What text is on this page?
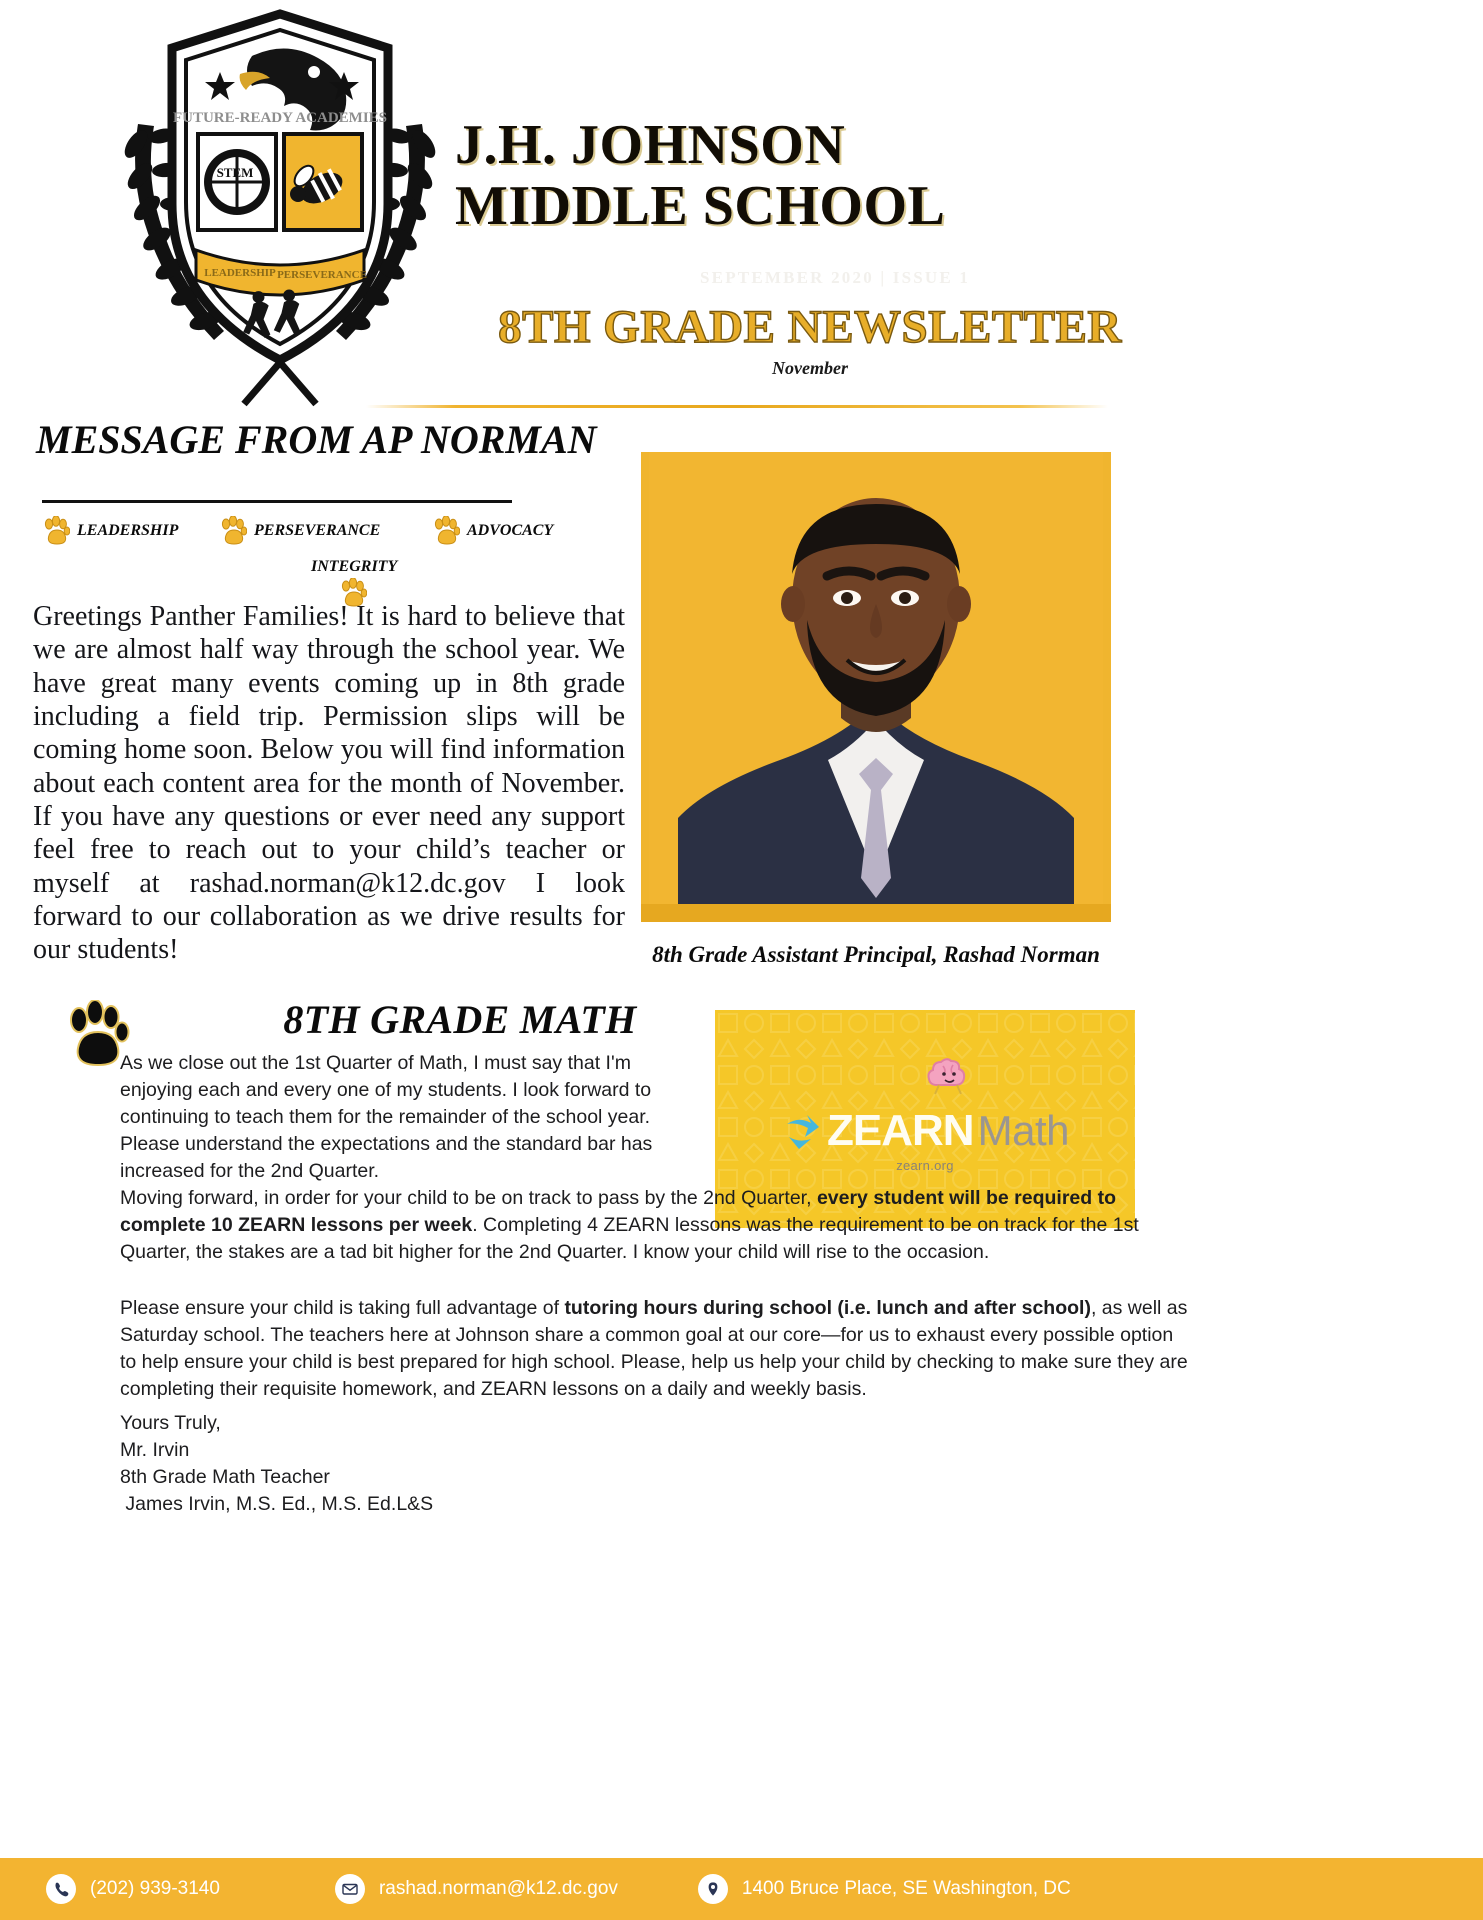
FUTURE-READY ACADEMIES
STEM
LEADERSHIP PERSEVERANCE
J.H. JOHNSON
MIDDLE SCHOOL
SEPTEMBER 2020 | ISSUE 1
8TH GRADE NEWSLETTER
November
MESSAGE FROM AP NORMAN
LEADERSHIP	PERSEVERANCE	ADVOCACY
INTEGRITY
Greetings Panther Families! It is hard to believe that we are almost half way through the school year. We have great many events coming up in 8th grade including a field trip. Permission slips will be coming home soon. Below you will find information about each content area for the month of November. If you have any questions or ever need any support feel free to reach out to your child’s teacher or myself at rashad.norman@k12.dc.gov I look forward to our collaboration as we drive results for our students!	8th Grade Assistant Principal, Rashad Norman
8TH GRADE MATH
ZEARN Math
zearn.org
As we close out the 1st Quarter of Math, I must say that I'm enjoying each and every one of my students. I look forward to continuing to teach them for the remainder of the school year. Please understand the expectations and the standard bar has increased for the 2nd Quarter.
Moving forward, in order for your child to be on track to pass by the 2nd Quarter, every student will be required to complete 10 ZEARN lessons per week. Completing 4 ZEARN lessons was the requirement to be on track for the 1st Quarter, the stakes are a tad bit higher for the 2nd Quarter. I know your child will rise to the occasion.
Please ensure your child is taking full advantage of tutoring hours during school (i.e. lunch and after school), as well as Saturday school. The teachers here at Johnson share a common goal at our core—for us to exhaust every possible option to help ensure your child is best prepared for high school. Please, help us help your child by checking to make sure they are completing their requisite homework, and ZEARN lessons on a daily and weekly basis.
Yours Truly,
Mr. Irvin
8th Grade Math Teacher
James Irvin, M.S. Ed., M.S. Ed.L&S
(202) 939-3140	rashad.norman@k12.dc.gov	1400 Bruce Place, SE Washington, DC
